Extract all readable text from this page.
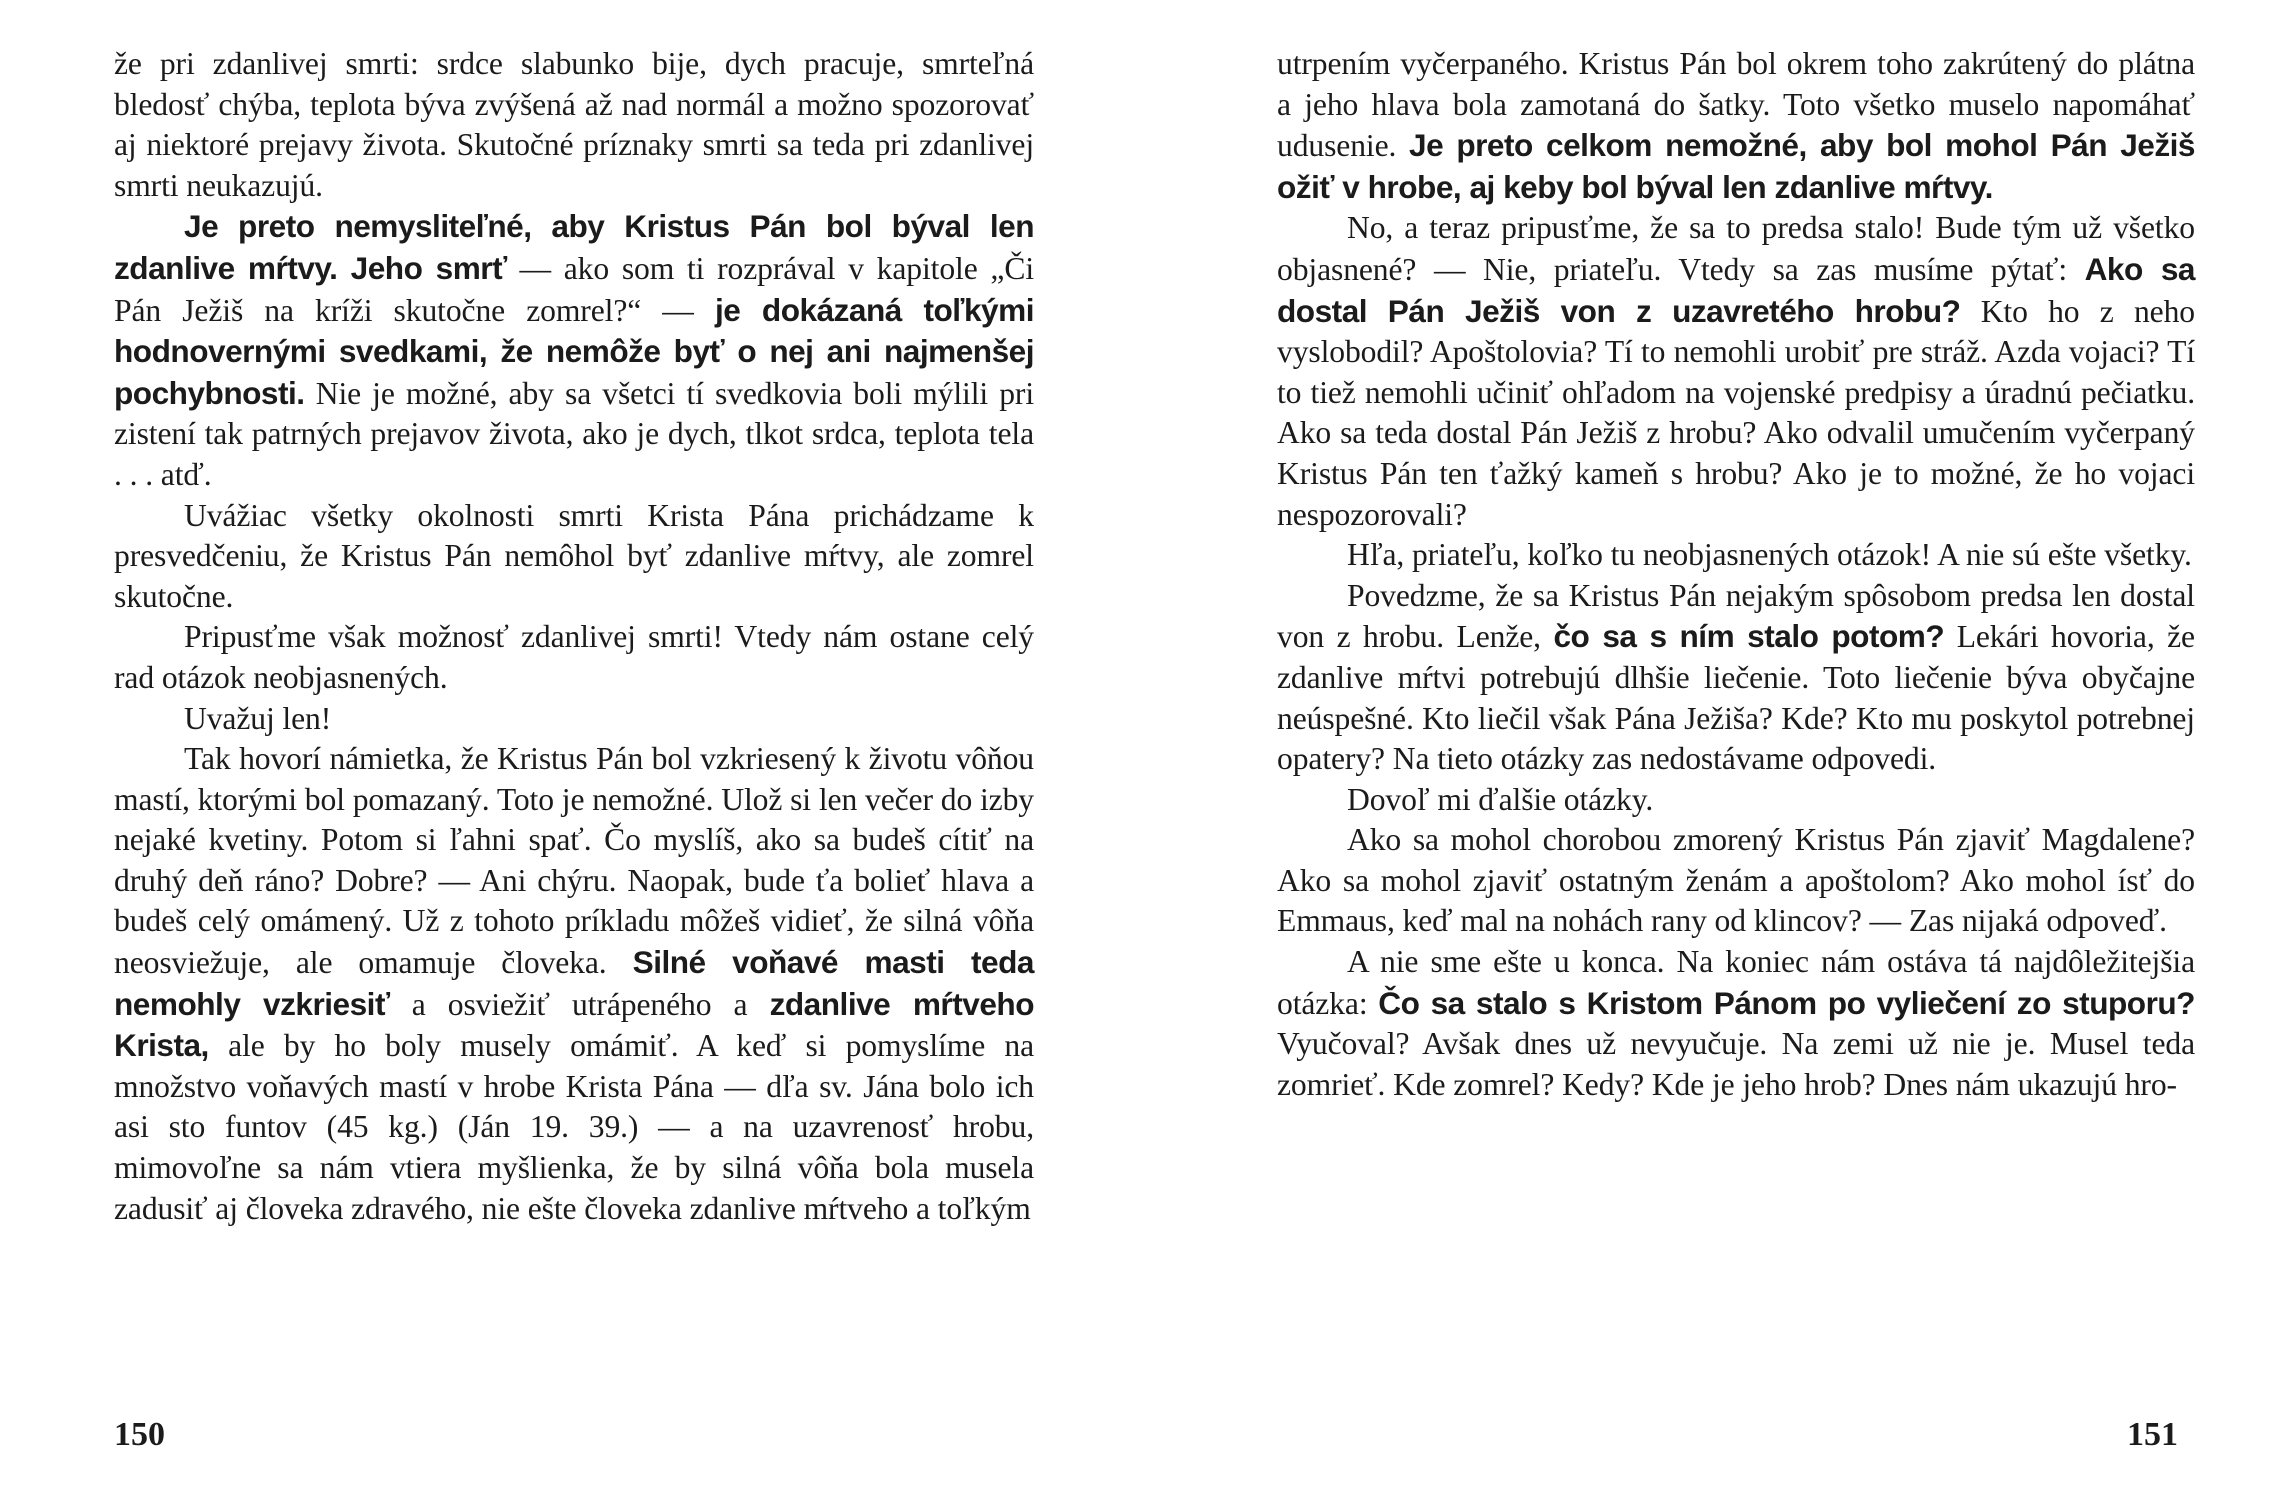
že pri zdanlivej smrti: srdce slabunko bije, dych pracuje, smrteľná bledosť chýba, teplota býva zvýšená až nad normál a možno spozorovať aj niektoré prejavy života. Skutočné príznaky smrti sa teda pri zdanlivej smrti neukazujú.

Je preto nemysliteľné, aby Kristus Pán bol býval len zdanlive mŕtvy. Jeho smrť — ako som ti rozprával v kapitole „Či Pán Ježiš na kríži skutočne zomrel?“ — je dokázaná toľkými hodnovernými svedkami, že nemôže byť o nej ani najmenšej pochybnosti. Nie je možné, aby sa všetci tí svedkovia boli mýlili pri zistení tak patrných prejavov života, ako je dych, tlkot srdca, teplota tela . . . atď.

Uvážiac všetky okolnosti smrti Krista Pána prichádzame k presvedčeniu, že Kristus Pán nemôhol byť zdanlive mŕtvy, ale zomrel skutočne.

Pripusťme však možnosť zdanlivej smrti! Vtedy nám ostane celý rad otázok neobjasnených.

Uvažuj len!

Tak hovorí námietka, že Kristus Pán bol vzkriesený k životu vôňou mastí, ktorými bol pomazaný. Toto je nemožné. Ulož si len večer do izby nejaké kvetiny. Potom si ľahni spať. Čo myslíš, ako sa budeš cítiť na druhý deň ráno? Dobre? — Ani chýru. Naopak, bude ťa bolieť hlava a budeš celý omámený. Už z tohoto príkladu môžeš vidieť, že silná vôňa neosviežuje, ale omamuje človeka. Silné voňavé masti teda nemohly vzkriesiť a osviežiť utrápeného a zdanlive mŕtveho Krista, ale by ho boly musely omámiť. A keď si pomyslíme na množstvo voňavých mastí v hrobe Krista Pána — dľa sv. Jána bolo ich asi sto funtov (45 kg.) (Ján 19. 39.) — a na uzavrenosť hrobu, mimovoľne sa nám vtiera myšlienka, že by silná vôňa bola musela zadusiť aj človeka zdravého, nie ešte človeka zdanlive mŕtveho a toľkým

150

utrpením vyčerpaného. Kristus Pán bol okrem toho zakrútený do plátna a jeho hlava bola zamotaná do šatky. Toto všetko muselo napomáhať udusenie. Je preto celkom nemožné, aby bol mohol Pán Ježiš ožiť v hrobe, aj keby bol býval len zdanlive mŕtvy.

No, a teraz pripusťme, že sa to predsa stalo! Bude tým už všetko objasnené? — Nie, priateľu. Vtedy sa zas musíme pýtať: Ako sa dostal Pán Ježiš von z uzavretého hrobu? Kto ho z neho vyslobodil? Apoštolovia? Tí to nemohli urobiť pre stráž. Azda vojaci? Tí to tiež nemohli učiniť ohľadom na vojenské predpisy a úradnú pečiatku. Ako sa teda dostal Pán Ježiš z hrobu? Ako odvalil umučením vyčerpaný Kristus Pán ten ťažký kameň s hrobu? Ako je to možné, že ho vojaci nespozorovali?

Hľa, priateľu, koľko tu neobjasnených otázok! A nie sú ešte všetky.

Povedzme, že sa Kristus Pán nejakým spôsobom predsa len dostal von z hrobu. Lenže, čo sa s ním stalo potom? Lekári hovoria, že zdanlive mŕtvi potrebujú dlhšie liečenie. Toto liečenie býva obyčajne neúspešné. Kto liečil však Pána Ježiša? Kde? Kto mu poskytol potrebnej opatery? Na tieto otázky zas nedostávame odpovedi.

Dovoľ mi ďalšie otázky.

Ako sa mohol chorobou zmorený Kristus Pán zjaviť Magdalene? Ako sa mohol zjaviť ostatným ženám a apoštolom? Ako mohol ísť do Emmaus, keď mal na nohách rany od klincov? — Zas nijaká odpoveď.

A nie sme ešte u konca. Na koniec nám ostáva tá najdôležitejšia otázka: Čo sa stalo s Kristom Pánom po vyliečení zo stuporu? Vyučoval? Avšak dnes už nevyučuje. Na zemi už nie je. Musel teda zomrieť. Kde zomrel? Kedy? Kde je jeho hrob? Dnes nám ukazujú hro-

151
